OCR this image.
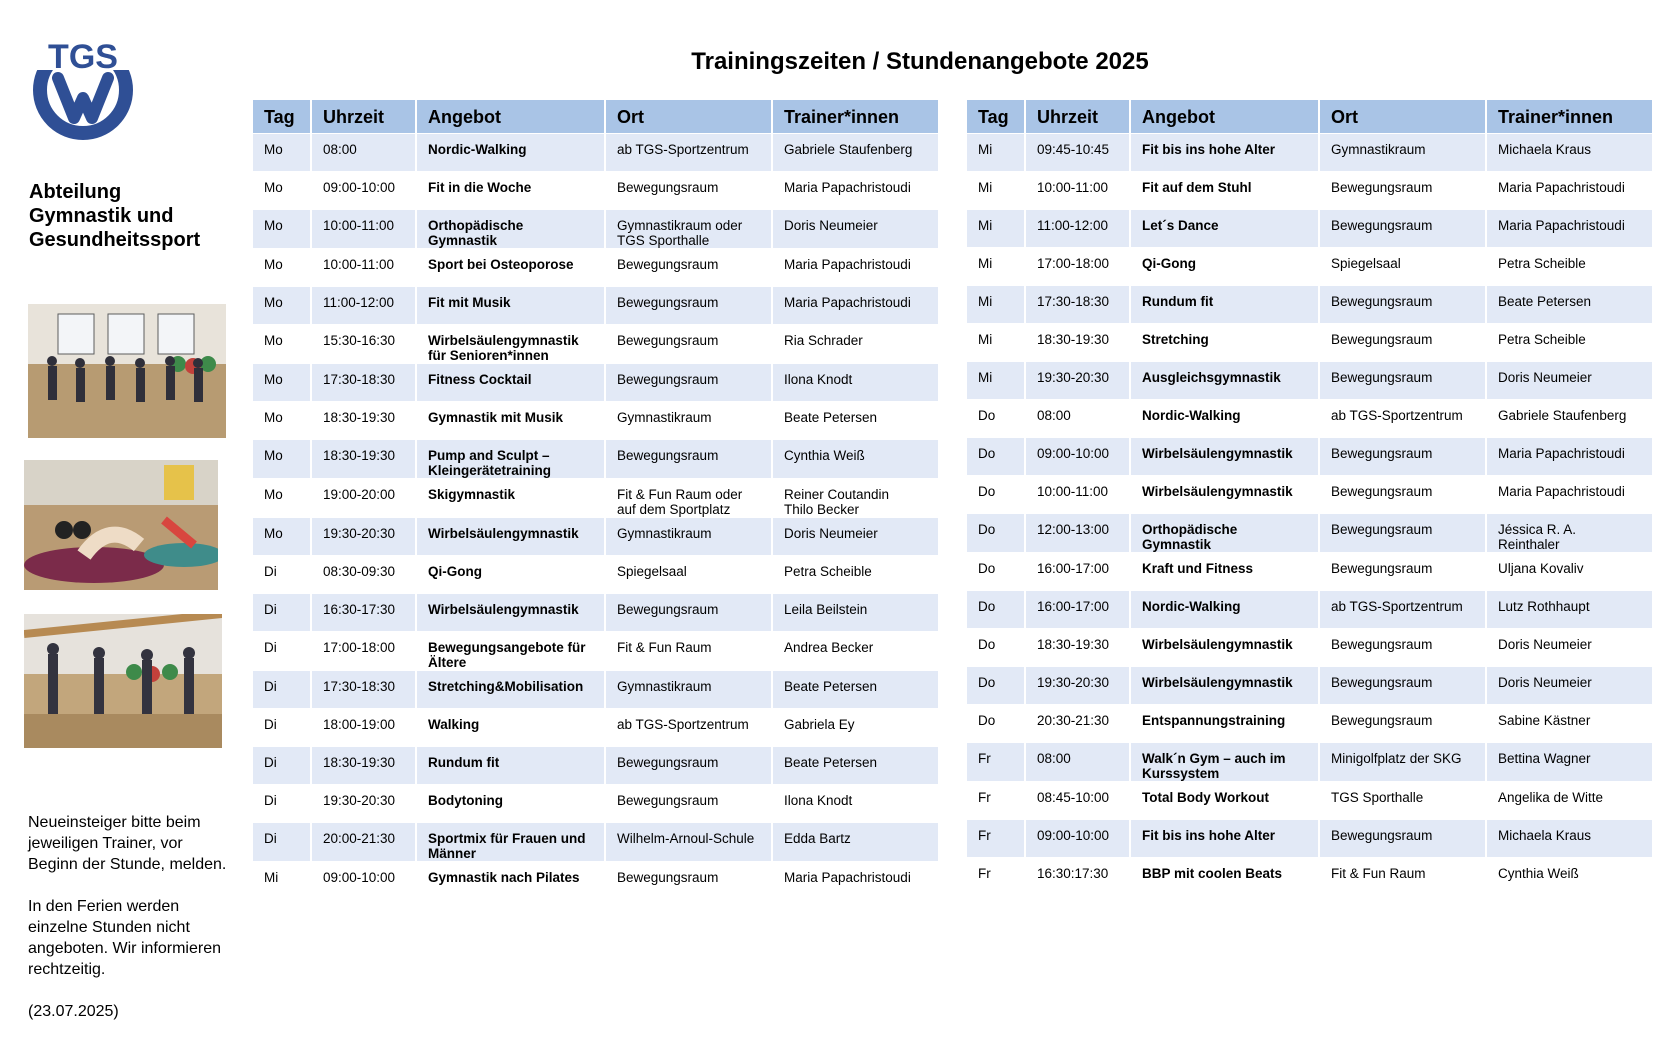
TGS
Abteilung Gymnastik und Gesundheitssport

Neueinsteiger bitte beim jeweiligen Trainer, vor Beginn der Stunde, melden.

In den Ferien werden einzelne Stunden nicht angeboten. Wir informieren rechtzeitig.

(23.07.2025)

Trainingszeiten / Stundenangebote 2025
Tag	Uhrzeit	Angebot	Ort	Trainer*innen
Mo	08:00	Nordic-Walking	ab TGS-Sportzentrum	Gabriele Staufenberg
Mo	09:00-10:00	Fit in die Woche	Bewegungsraum	Maria Papachristoudi
Mo	10:00-11:00	Orthopädische Gymnastik	Gymnastikraum oder TGS Sporthalle	Doris Neumeier
Mo	10:00-11:00	Sport bei Osteoporose	Bewegungsraum	Maria Papachristoudi
Mo	11:00-12:00	Fit mit Musik	Bewegungsraum	Maria Papachristoudi
Mo	15:30-16:30	Wirbelsäulengymnastik für Senioren*innen	Bewegungsraum	Ria Schrader
Mo	17:30-18:30	Fitness Cocktail	Bewegungsraum	Ilona Knodt
Mo	18:30-19:30	Gymnastik mit Musik	Gymnastikraum	Beate Petersen
Mo	18:30-19:30	Pump and Sculpt – Kleingerätetraining	Bewegungsraum	Cynthia Weiß
Mo	19:00-20:00	Skigymnastik	Fit & Fun Raum oder auf dem Sportplatz	Reiner Coutandin
Thilo Becker
Mo	19:30-20:30	Wirbelsäulengymnastik	Gymnastikraum	Doris Neumeier
Di	08:30-09:30	Qi-Gong	Spiegelsaal	Petra Scheible
Di	16:30-17:30	Wirbelsäulengymnastik	Bewegungsraum	Leila Beilstein
Di	17:00-18:00	Bewegungsangebote für Ältere	Fit & Fun Raum	Andrea Becker
Di	17:30-18:30	Stretching&Mobilisation	Gymnastikraum	Beate Petersen
Di	18:00-19:00	Walking	ab TGS-Sportzentrum	Gabriela Ey
Di	18:30-19:30	Rundum fit	Bewegungsraum	Beate Petersen
Di	19:30-20:30	Bodytoning	Bewegungsraum	Ilona Knodt
Di	20:00-21:30	Sportmix für Frauen und Männer	Wilhelm-Arnoul-Schule	Edda Bartz
Mi	09:00-10:00	Gymnastik nach Pilates	Bewegungsraum	Maria Papachristoudi
Tag	Uhrzeit	Angebot	Ort	Trainer*innen
Mi	09:45-10:45	Fit bis ins hohe Alter	Gymnastikraum	Michaela Kraus
Mi	10:00-11:00	Fit auf dem Stuhl	Bewegungsraum	Maria Papachristoudi
Mi	11:00-12:00	Let´s Dance	Bewegungsraum	Maria Papachristoudi
Mi	17:00-18:00	Qi-Gong	Spiegelsaal	Petra Scheible
Mi	17:30-18:30	Rundum fit	Bewegungsraum	Beate Petersen
Mi	18:30-19:30	Stretching	Bewegungsraum	Petra Scheible
Mi	19:30-20:30	Ausgleichsgymnastik	Bewegungsraum	Doris Neumeier
Do	08:00	Nordic-Walking	ab TGS-Sportzentrum	Gabriele Staufenberg
Do	09:00-10:00	Wirbelsäulengymnastik	Bewegungsraum	Maria Papachristoudi
Do	10:00-11:00	Wirbelsäulengymnastik	Bewegungsraum	Maria Papachristoudi
Do	12:00-13:00	Orthopädische Gymnastik	Bewegungsraum	Jéssica R. A. Reinthaler
Do	16:00-17:00	Kraft und Fitness	Bewegungsraum	Uljana Kovaliv
Do	16:00-17:00	Nordic-Walking	ab TGS-Sportzentrum	Lutz Rothhaupt
Do	18:30-19:30	Wirbelsäulengymnastik	Bewegungsraum	Doris Neumeier
Do	19:30-20:30	Wirbelsäulengymnastik	Bewegungsraum	Doris Neumeier
Do	20:30-21:30	Entspannungstraining	Bewegungsraum	Sabine Kästner
Fr	08:00	Walk´n Gym – auch im Kurssystem	Minigolfplatz der SKG	Bettina Wagner
Fr	08:45-10:00	Total Body Workout	TGS Sporthalle	Angelika de Witte
Fr	09:00-10:00	Fit bis ins hohe Alter	Bewegungsraum	Michaela Kraus
Fr	16:30:17:30	BBP mit coolen Beats	Fit & Fun Raum	Cynthia Weiß
